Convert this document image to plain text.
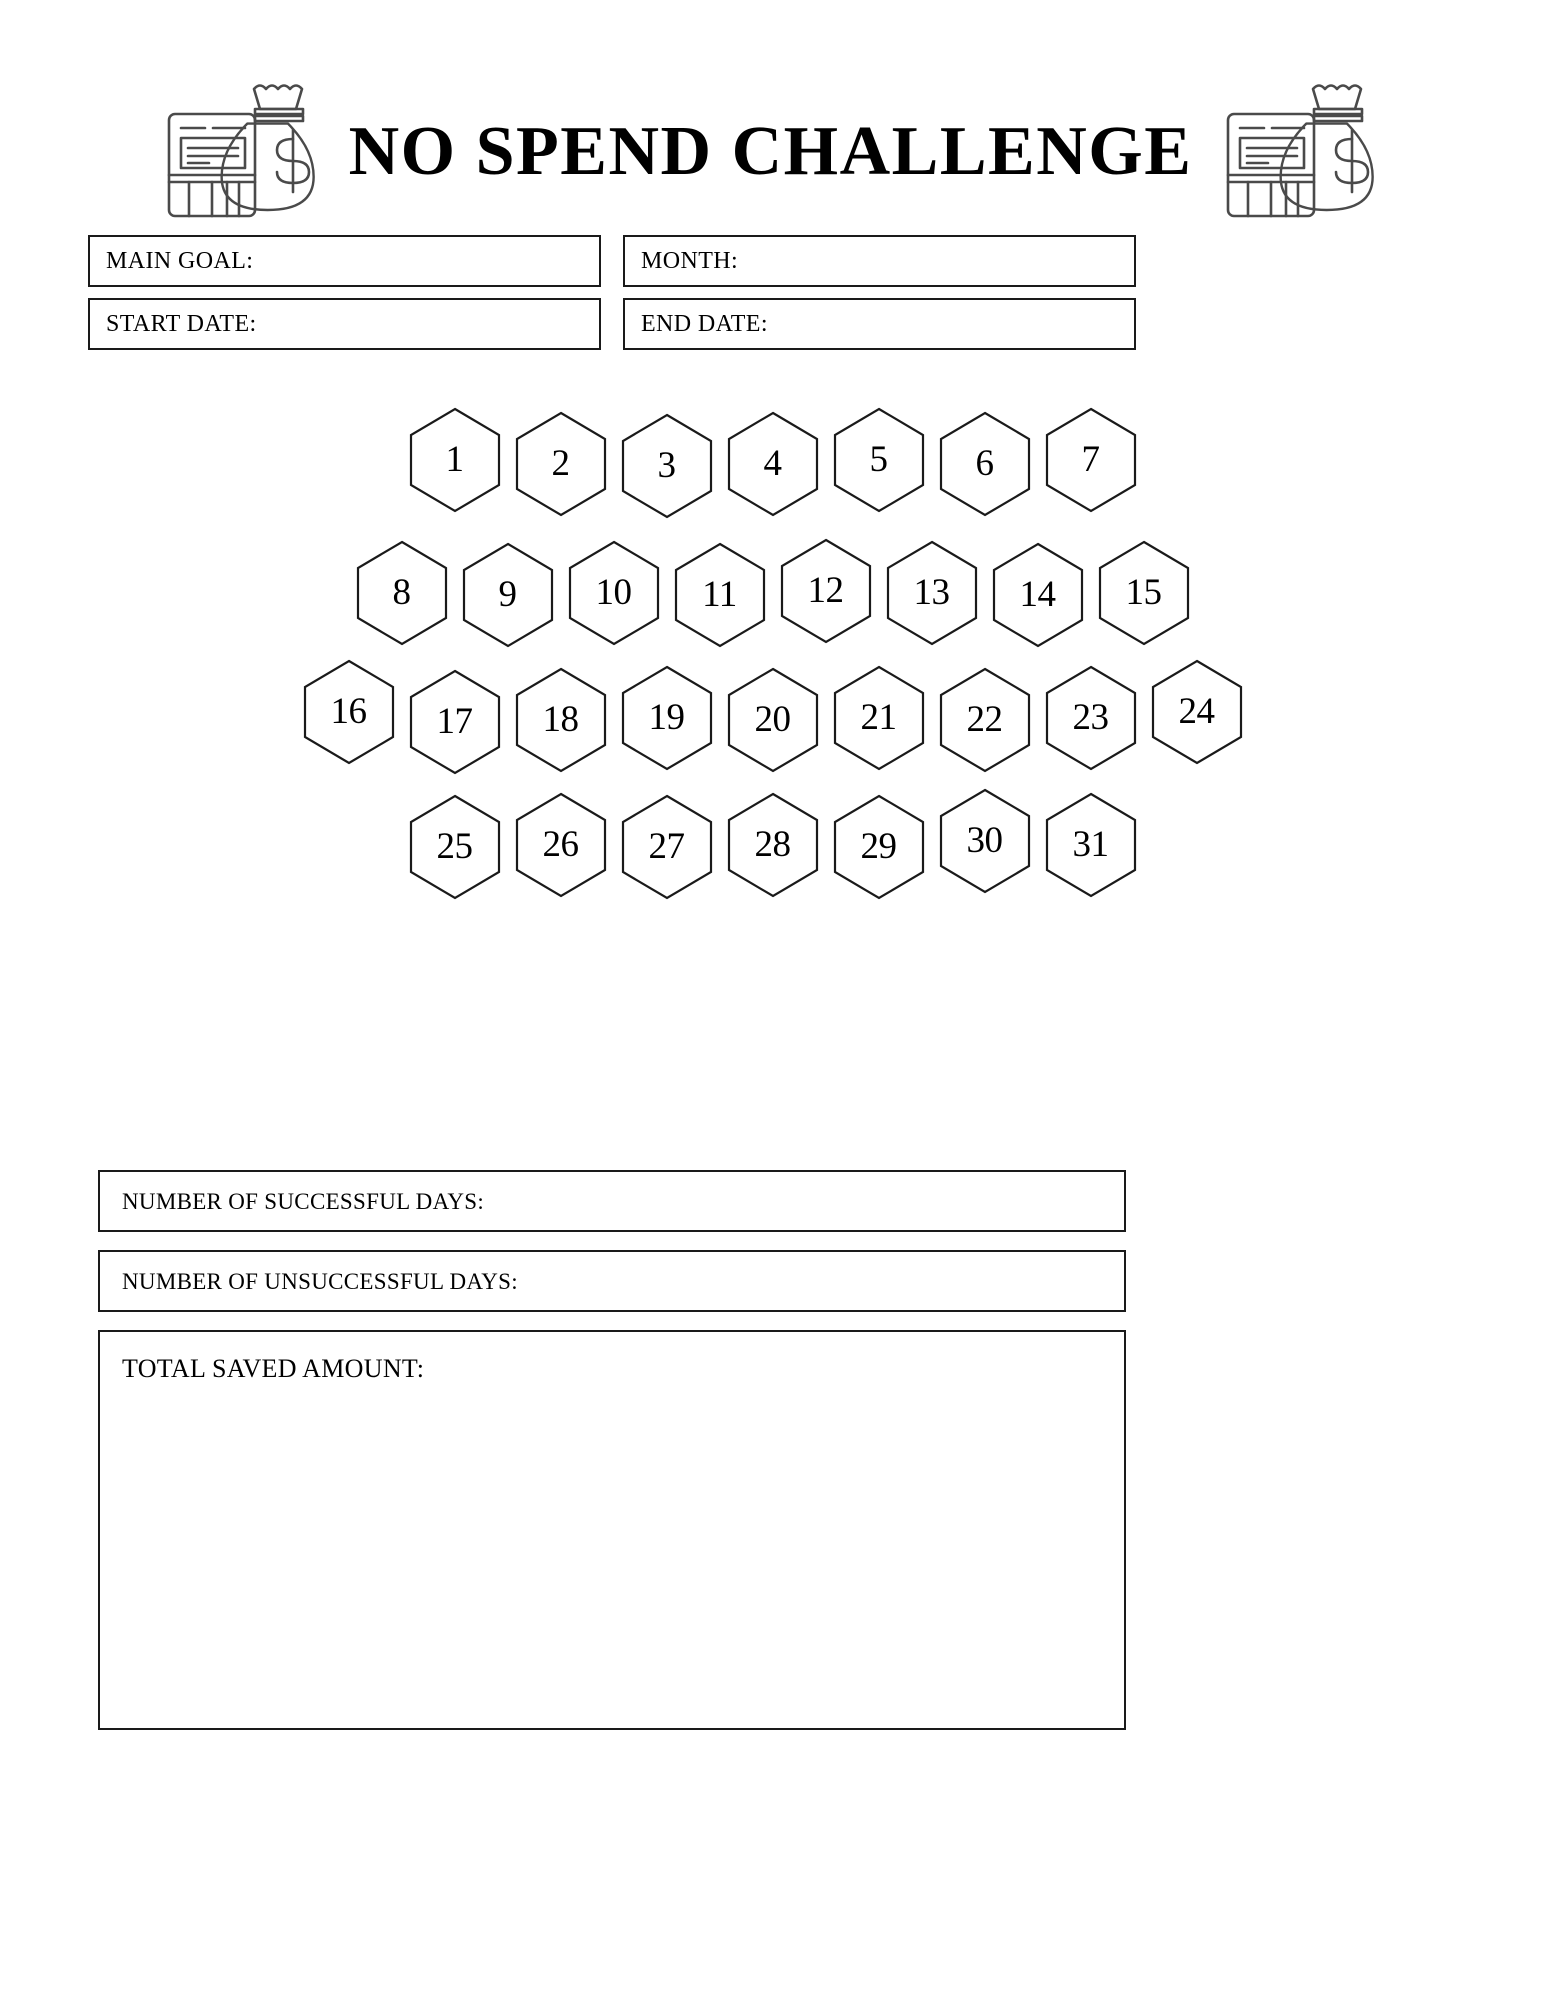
NO SPEND CHALLENGE
MAIN GOAL:	MONTH:
START DATE:	END DATE:
1 2 3 4 5 6 7
8 9 10 11 12 13 14 15
16 17 18 19 20 21 22 23 24
25 26 27 28 29 30 31
NUMBER OF SUCCESSFUL DAYS:
NUMBER OF UNSUCCESSFUL DAYS:
TOTAL SAVED AMOUNT:
